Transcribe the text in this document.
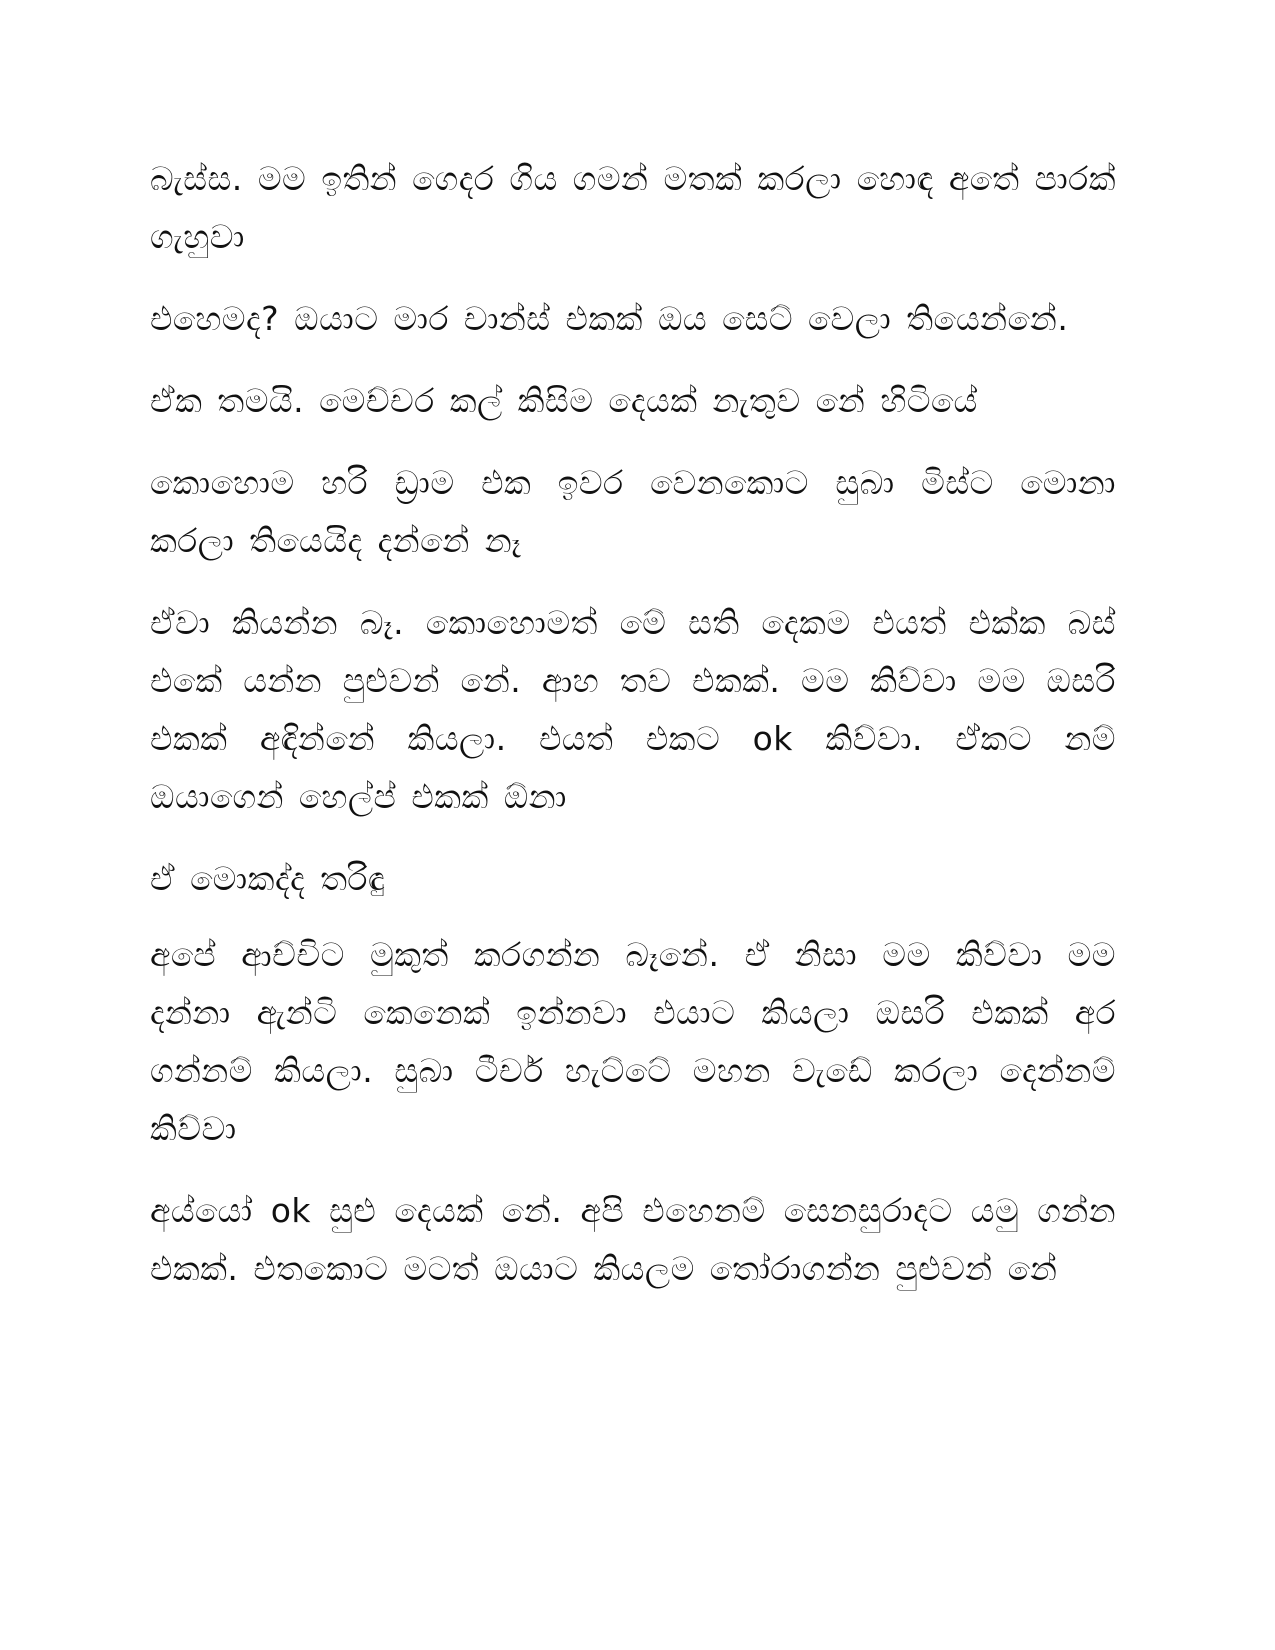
බැස්ස. මම ඉතින් ගෙදර ගිය ගමන් මතක් කරලා හොඳ අතේ පාරක් ගැහුවා

එහෙමද? ඔයාට මාර චාන්ස් එකක් ඔය සෙට් වෙලා තියෙන්නේ.

ඒක තමයි. මෙච්චර කල් කිසිම දෙයක් නැතුව නේ හිටියේ

කොහොම හරි ඩ්‍රාම එක ඉවර වෙනකොට සුබා මිස්ට මොනා කරලා තියෙයිද දන්නේ නෑ

ඒවා කියන්න බෑ. කොහොමත් මේ සති දෙකම එයත් එක්ක බස් එකේ යන්න පුළුවන් නේ. ආහ තව එකක්. මම කිව්වා මම ඔසරි එකක් අඳින්නේ කියලා. එයත් එකට ok කිව්වා. ඒකට නම් ඔයාගෙන් හෙල්ප් එකක් ඕනා

ඒ මොකද්ද තරිඳු

අපේ ආච්චිට මුකුත් කරගන්න බෑනේ. ඒ නිසා මම කිව්වා මම දන්නා ඇන්ටි කෙනෙක් ඉන්නවා එයාට කියලා ඔසරි එකක් අර ගන්නම් කියලා. සුබා ටීචර් හැට්ටේ මහන වැඩේ කරලා දෙන්නම් කිව්වා

අය්යෝ ok සුළු දෙයක් නේ. අපි එහෙනම් සෙනසුරාදට යමු ගන්න එකක්. එතකොට මටත් ඔයාට කියලම තෝරාගන්න පුළුවන් නේ
